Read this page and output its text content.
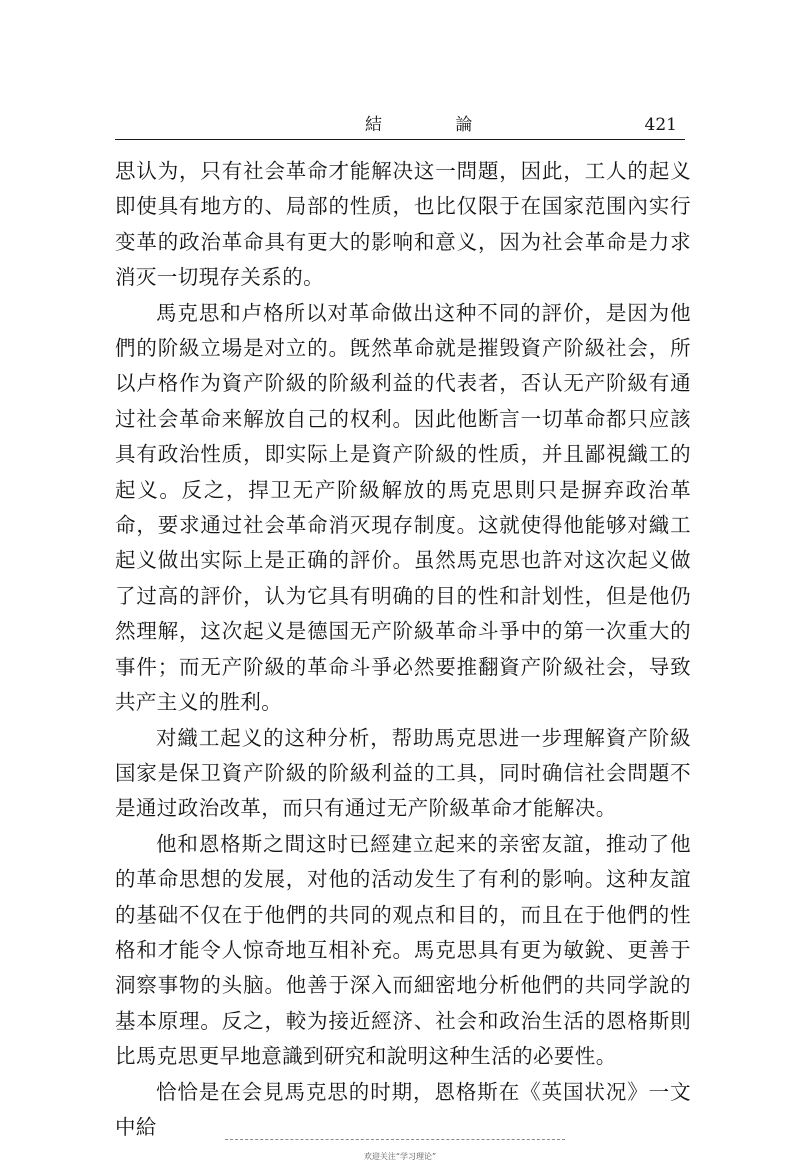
結 論	421

思认为，只有社会革命才能解决这一問題，因此，工人的起义即使具有地方的、局部的性质，也比仅限于在国家范围內实行变革的政治革命具有更大的影响和意义，因为社会革命是力求消灭一切現存关系的。

馬克思和卢格所以对革命做出这种不同的評价，是因为他們的阶級立場是对立的。旣然革命就是摧毁資产阶級社会，所以卢格作为資产阶級的阶級利益的代表者，否认无产阶級有通过社会革命来解放自己的权利。因此他断言一切革命都只应該具有政治性质，即实际上是資产阶級的性质，并且鄙視織工的起义。反之，捍卫无产阶級解放的馬克思則只是摒弃政治革命，要求通过社会革命消灭現存制度。这就使得他能够对織工起义做出实际上是正确的評价。虽然馬克思也許对这次起义做了过高的評价，认为它具有明确的目的性和計划性，但是他仍然理解，这次起义是德国无产阶級革命斗爭中的第一次重大的事件；而无产阶級的革命斗爭必然要推翻資产阶級社会，导致共产主义的胜利。

对織工起义的这种分析，帮助馬克思进一步理解資产阶級国家是保卫資产阶級的阶級利益的工具，同时确信社会問題不是通过政治改革，而只有通过无产阶級革命才能解决。

他和恩格斯之間这时已經建立起来的亲密友誼，推动了他的革命思想的发展，对他的活动发生了有利的影响。这种友誼的基础不仅在于他們的共同的观点和目的，而且在于他們的性格和才能令人惊奇地互相补充。馬克思具有更为敏銳、更善于洞察事物的头脑。他善于深入而細密地分析他們的共同学說的基本原理。反之，較为接近經济、社会和政治生活的恩格斯則比馬克思更早地意識到研究和說明这种生活的必要性。

恰恰是在会見馬克思的时期，恩格斯在《英国状况》一文中給

欢迎关注“学习理论”
